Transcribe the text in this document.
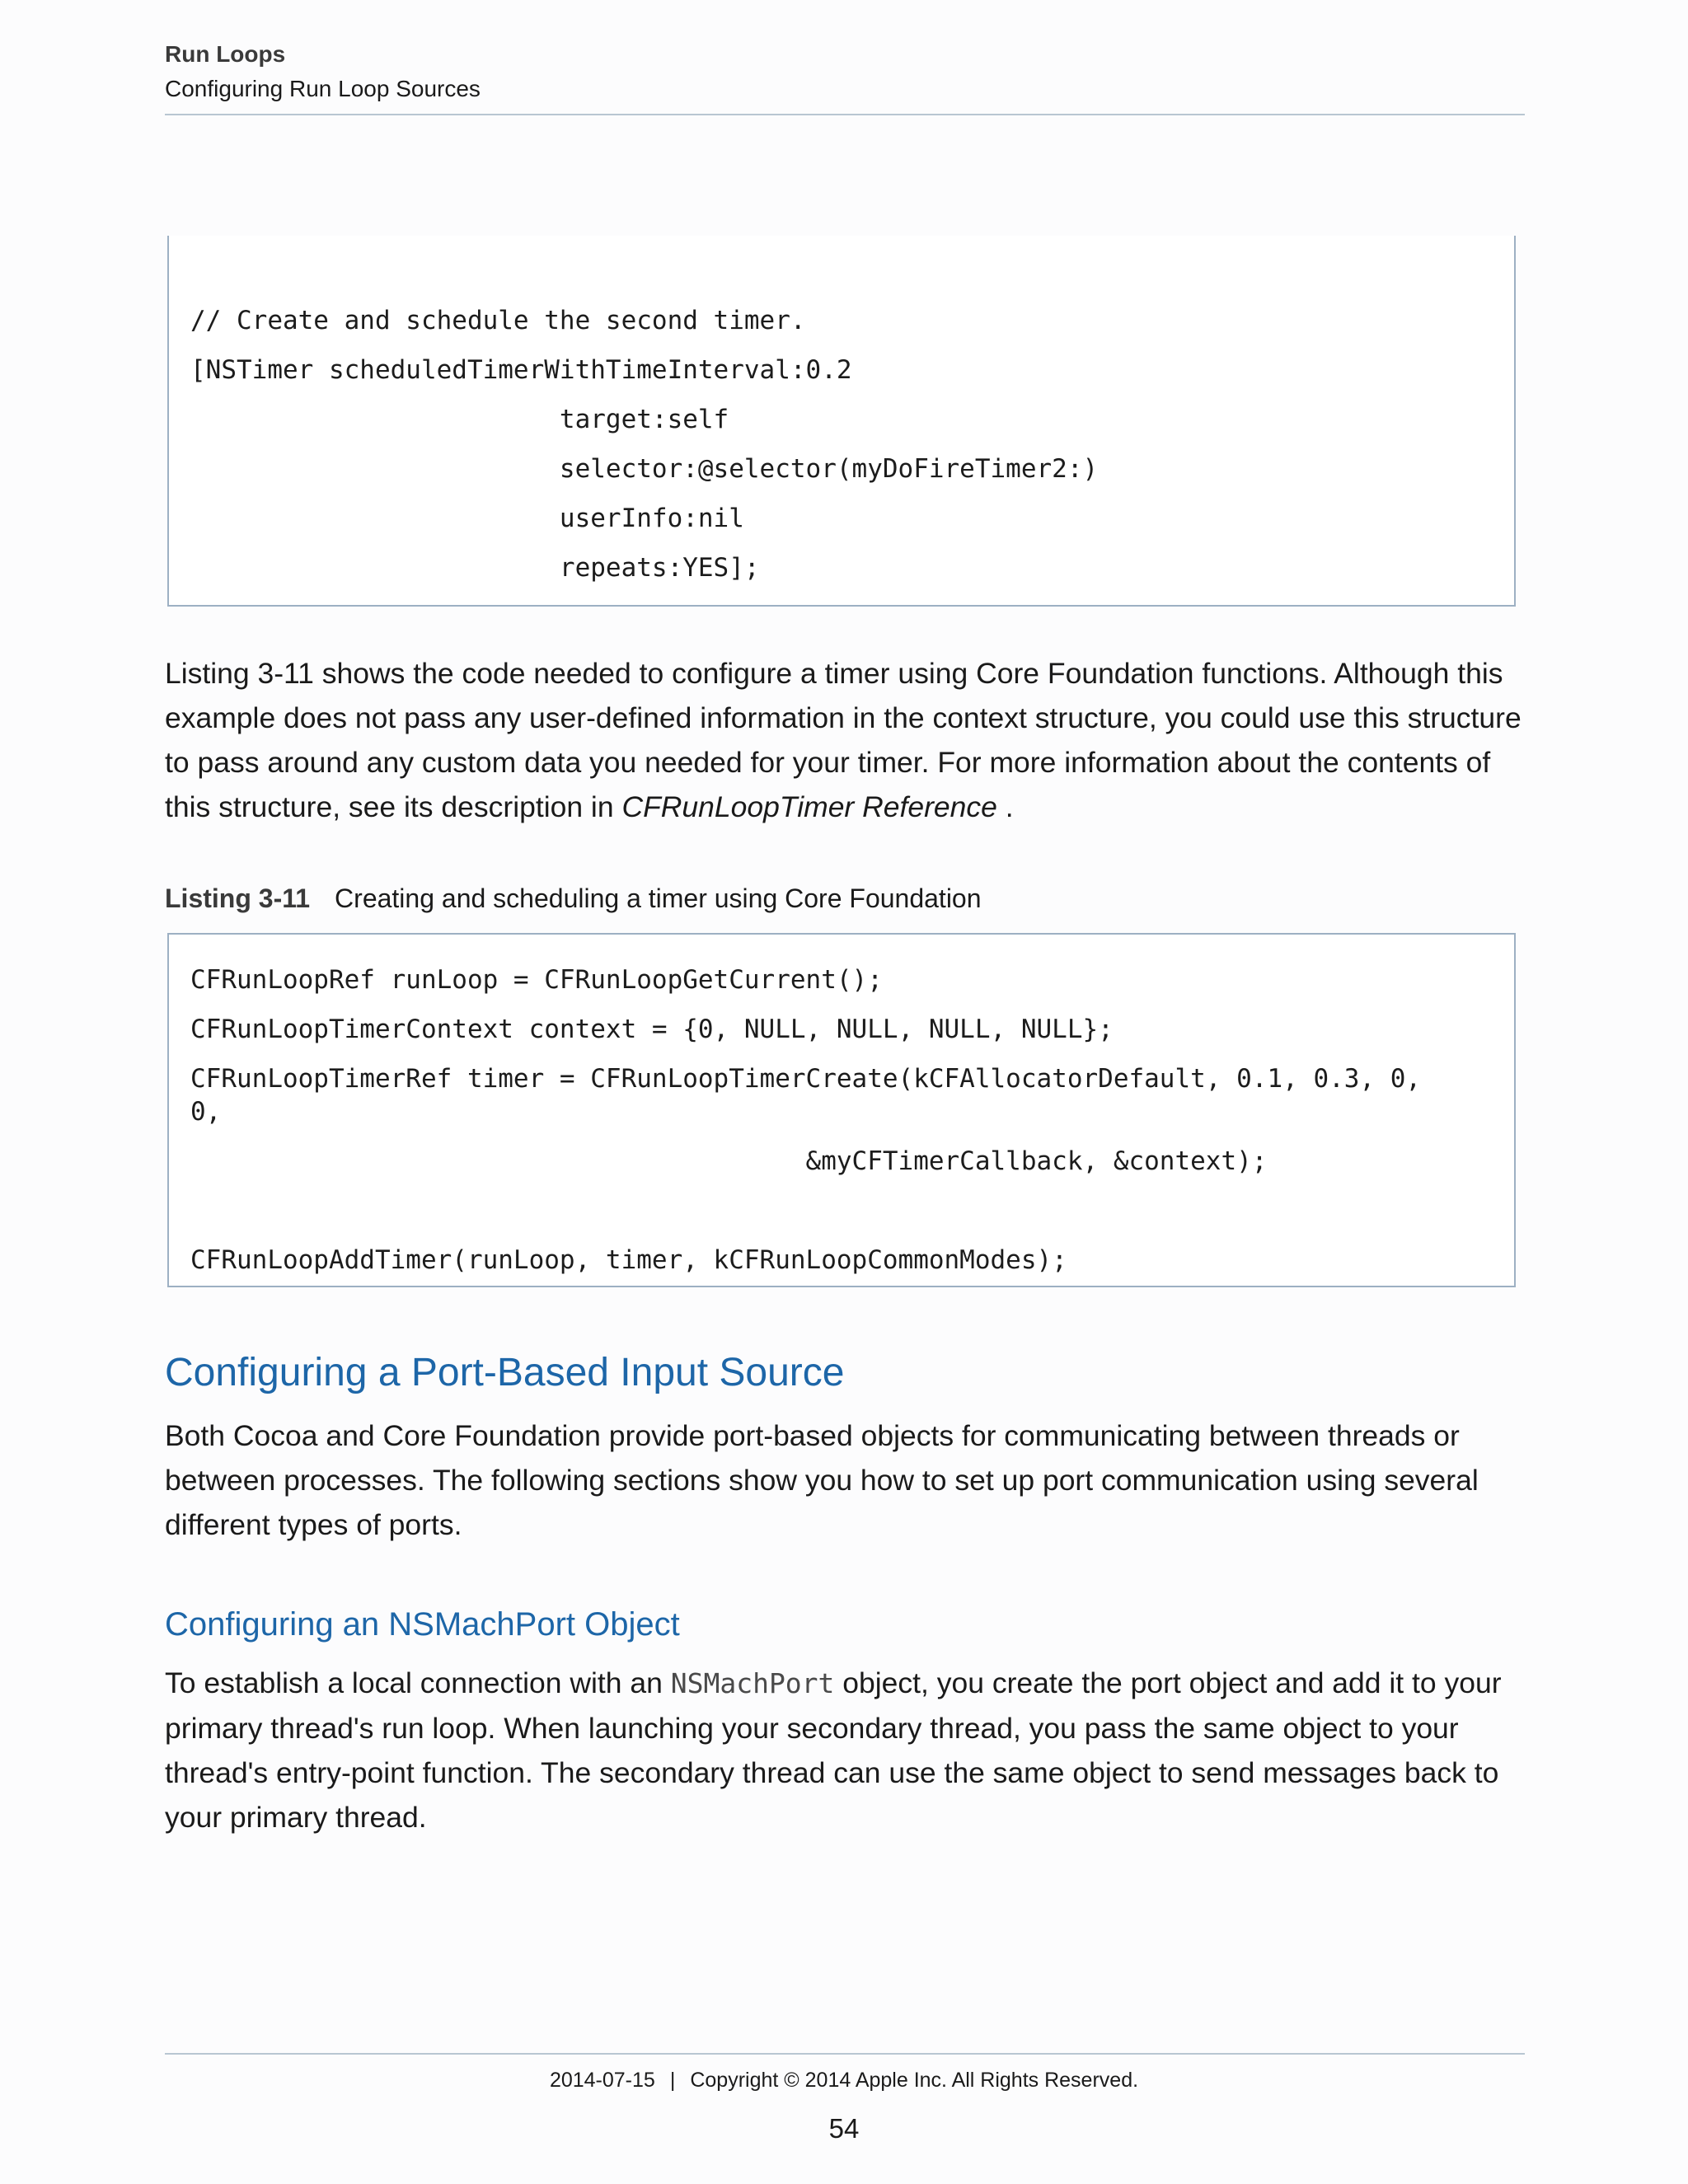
Run Loops
Configuring Run Loop Sources
// Create and schedule the second timer.
[NSTimer scheduledTimerWithTimeInterval:0.2
target:self
selector:@selector(myDoFireTimer2:)
userInfo:nil
repeats:YES];

Listing 3-11 shows the code needed to configure a timer using Core Foundation functions. Although this example does not pass any user-defined information in the context structure, you could use this structure to pass around any custom data you needed for your timer. For more information about the contents of this structure, see its description in CFRunLoopTimer Reference .

Listing 3-11 Creating and scheduling a timer using Core Foundation
CFRunLoopRef runLoop = CFRunLoopGetCurrent();
CFRunLoopTimerContext context = {0, NULL, NULL, NULL, NULL};
CFRunLoopTimerRef timer = CFRunLoopTimerCreate(kCFAllocatorDefault, 0.1, 0.3, 0,
0,
&myCFTimerCallback, &context);
CFRunLoopAddTimer(runLoop, timer, kCFRunLoopCommonModes);
Configuring a Port-Based Input Source

Both Cocoa and Core Foundation provide port-based objects for communicating between threads or between processes. The following sections show you how to set up port communication using several different types of ports.

Configuring an NSMachPort Object

To establish a local connection with an NSMachPort object, you create the port object and add it to your primary thread's run loop. When launching your secondary thread, you pass the same object to your thread's entry-point function. The secondary thread can use the same object to send messages back to your primary thread.

2014-07-15 | Copyright © 2014 Apple Inc. All Rights Reserved.
54
